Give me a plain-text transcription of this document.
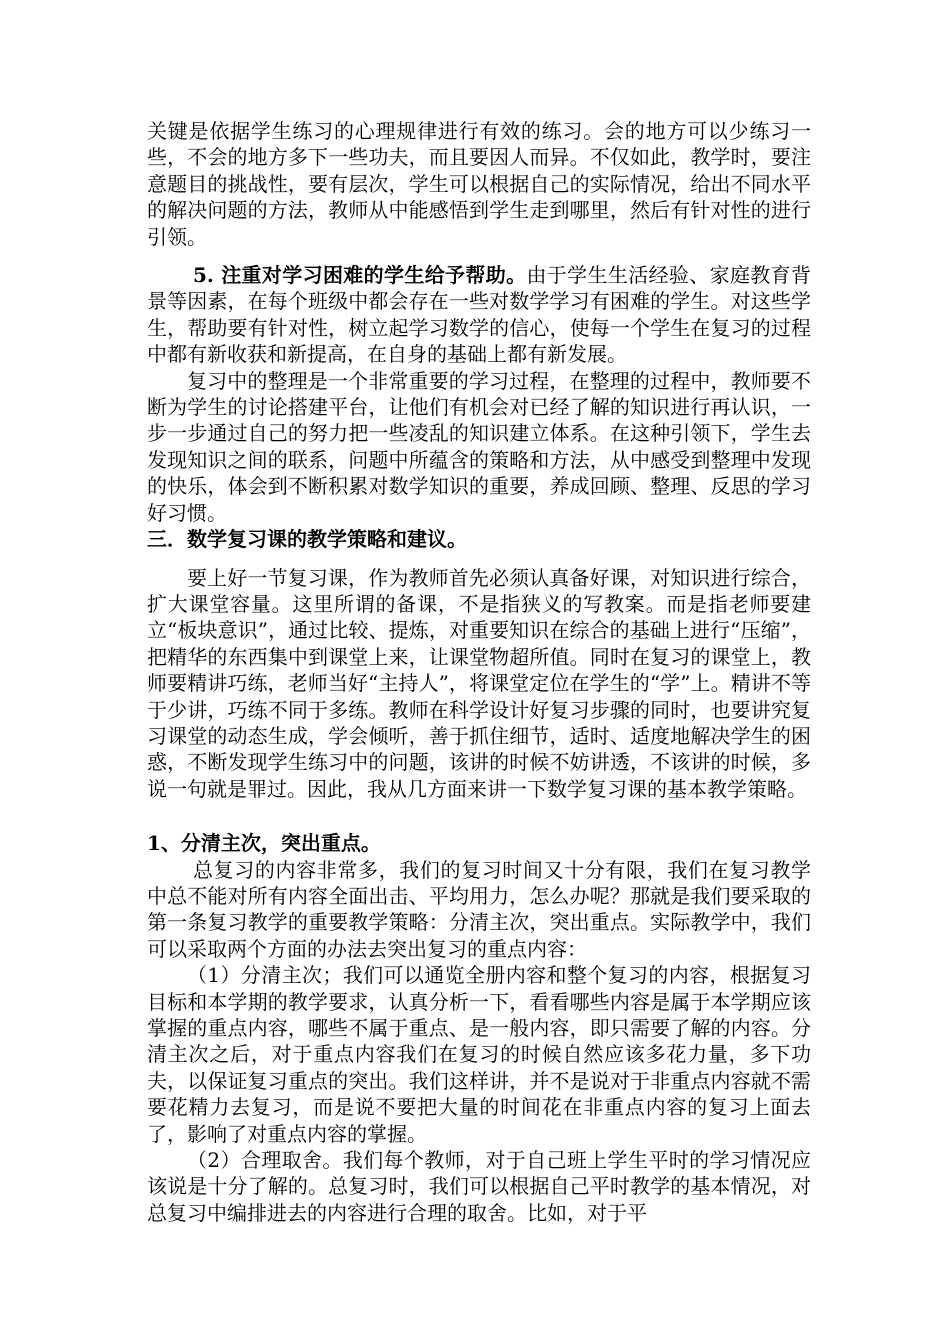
关键是依据学生练习的心理规律进行有效的练习。会的地方可以少练习一些，不会的地方多下一些功夫，而且要因人而异。不仅如此，教学时，要注意题目的挑战性，要有层次，学生可以根据自己的实际情况，给出不同水平的解决问题的方法，教师从中能感悟到学生走到哪里，然后有针对性的进行引领。

5. 注重对学习困难的学生给予帮助。由于学生生活经验、家庭教育背景等因素，在每个班级中都会存在一些对数学学习有困难的学生。对这些学生，帮助要有针对性，树立起学习数学的信心，使每一个学生在复习的过程中都有新收获和新提高，在自身的基础上都有新发展。

复习中的整理是一个非常重要的学习过程，在整理的过程中，教师要不断为学生的讨论搭建平台，让他们有机会对已经了解的知识进行再认识，一步一步通过自己的努力把一些凌乱的知识建立体系。在这种引领下，学生去发现知识之间的联系，问题中所蕴含的策略和方法，从中感受到整理中发现的快乐，体会到不断积累对数学知识的重要，养成回顾、整理、反思的学习好习惯。

三．数学复习课的教学策略和建议。

要上好一节复习课，作为教师首先必须认真备好课，对知识进行综合，扩大课堂容量。这里所谓的备课，不是指狭义的写教案。而是指老师要建立“板块意识”，通过比较、提炼，对重要知识在综合的基础上进行“压缩”，把精华的东西集中到课堂上来，让课堂物超所值。同时在复习的课堂上，教师要精讲巧练，老师当好“主持人”，将课堂定位在学生的“学”上。精讲不等于少讲，巧练不同于多练。教师在科学设计好复习步骤的同时，也要讲究复习课堂的动态生成，学会倾听，善于抓住细节，适时、适度地解决学生的困惑，不断发现学生练习中的问题，该讲的时候不妨讲透，不该讲的时候，多说一句就是罪过。因此，我从几方面来讲一下数学复习课的基本教学策略。

1、分清主次，突出重点。

总复习的内容非常多，我们的复习时间又十分有限，我们在复习教学中总不能对所有内容全面出击、平均用力，怎么办呢？那就是我们要采取的第一条复习教学的重要教学策略：分清主次，突出重点。实际教学中，我们可以采取两个方面的办法去突出复习的重点内容：

（1）分清主次；我们可以通览全册内容和整个复习的内容，根据复习目标和本学期的教学要求，认真分析一下，看看哪些内容是属于本学期应该掌握的重点内容，哪些不属于重点、是一般内容，即只需要了解的内容。分清主次之后，对于重点内容我们在复习的时候自然应该多花力量，多下功夫，以保证复习重点的突出。我们这样讲，并不是说对于非重点内容就不需要花精力去复习，而是说不要把大量的时间花在非重点内容的复习上面去了，影响了对重点内容的掌握。

（2）合理取舍。我们每个教师，对于自己班上学生平时的学习情况应该说是十分了解的。总复习时，我们可以根据自己平时教学的基本情况，对总复习中编排进去的内容进行合理的取舍。比如，对于平
